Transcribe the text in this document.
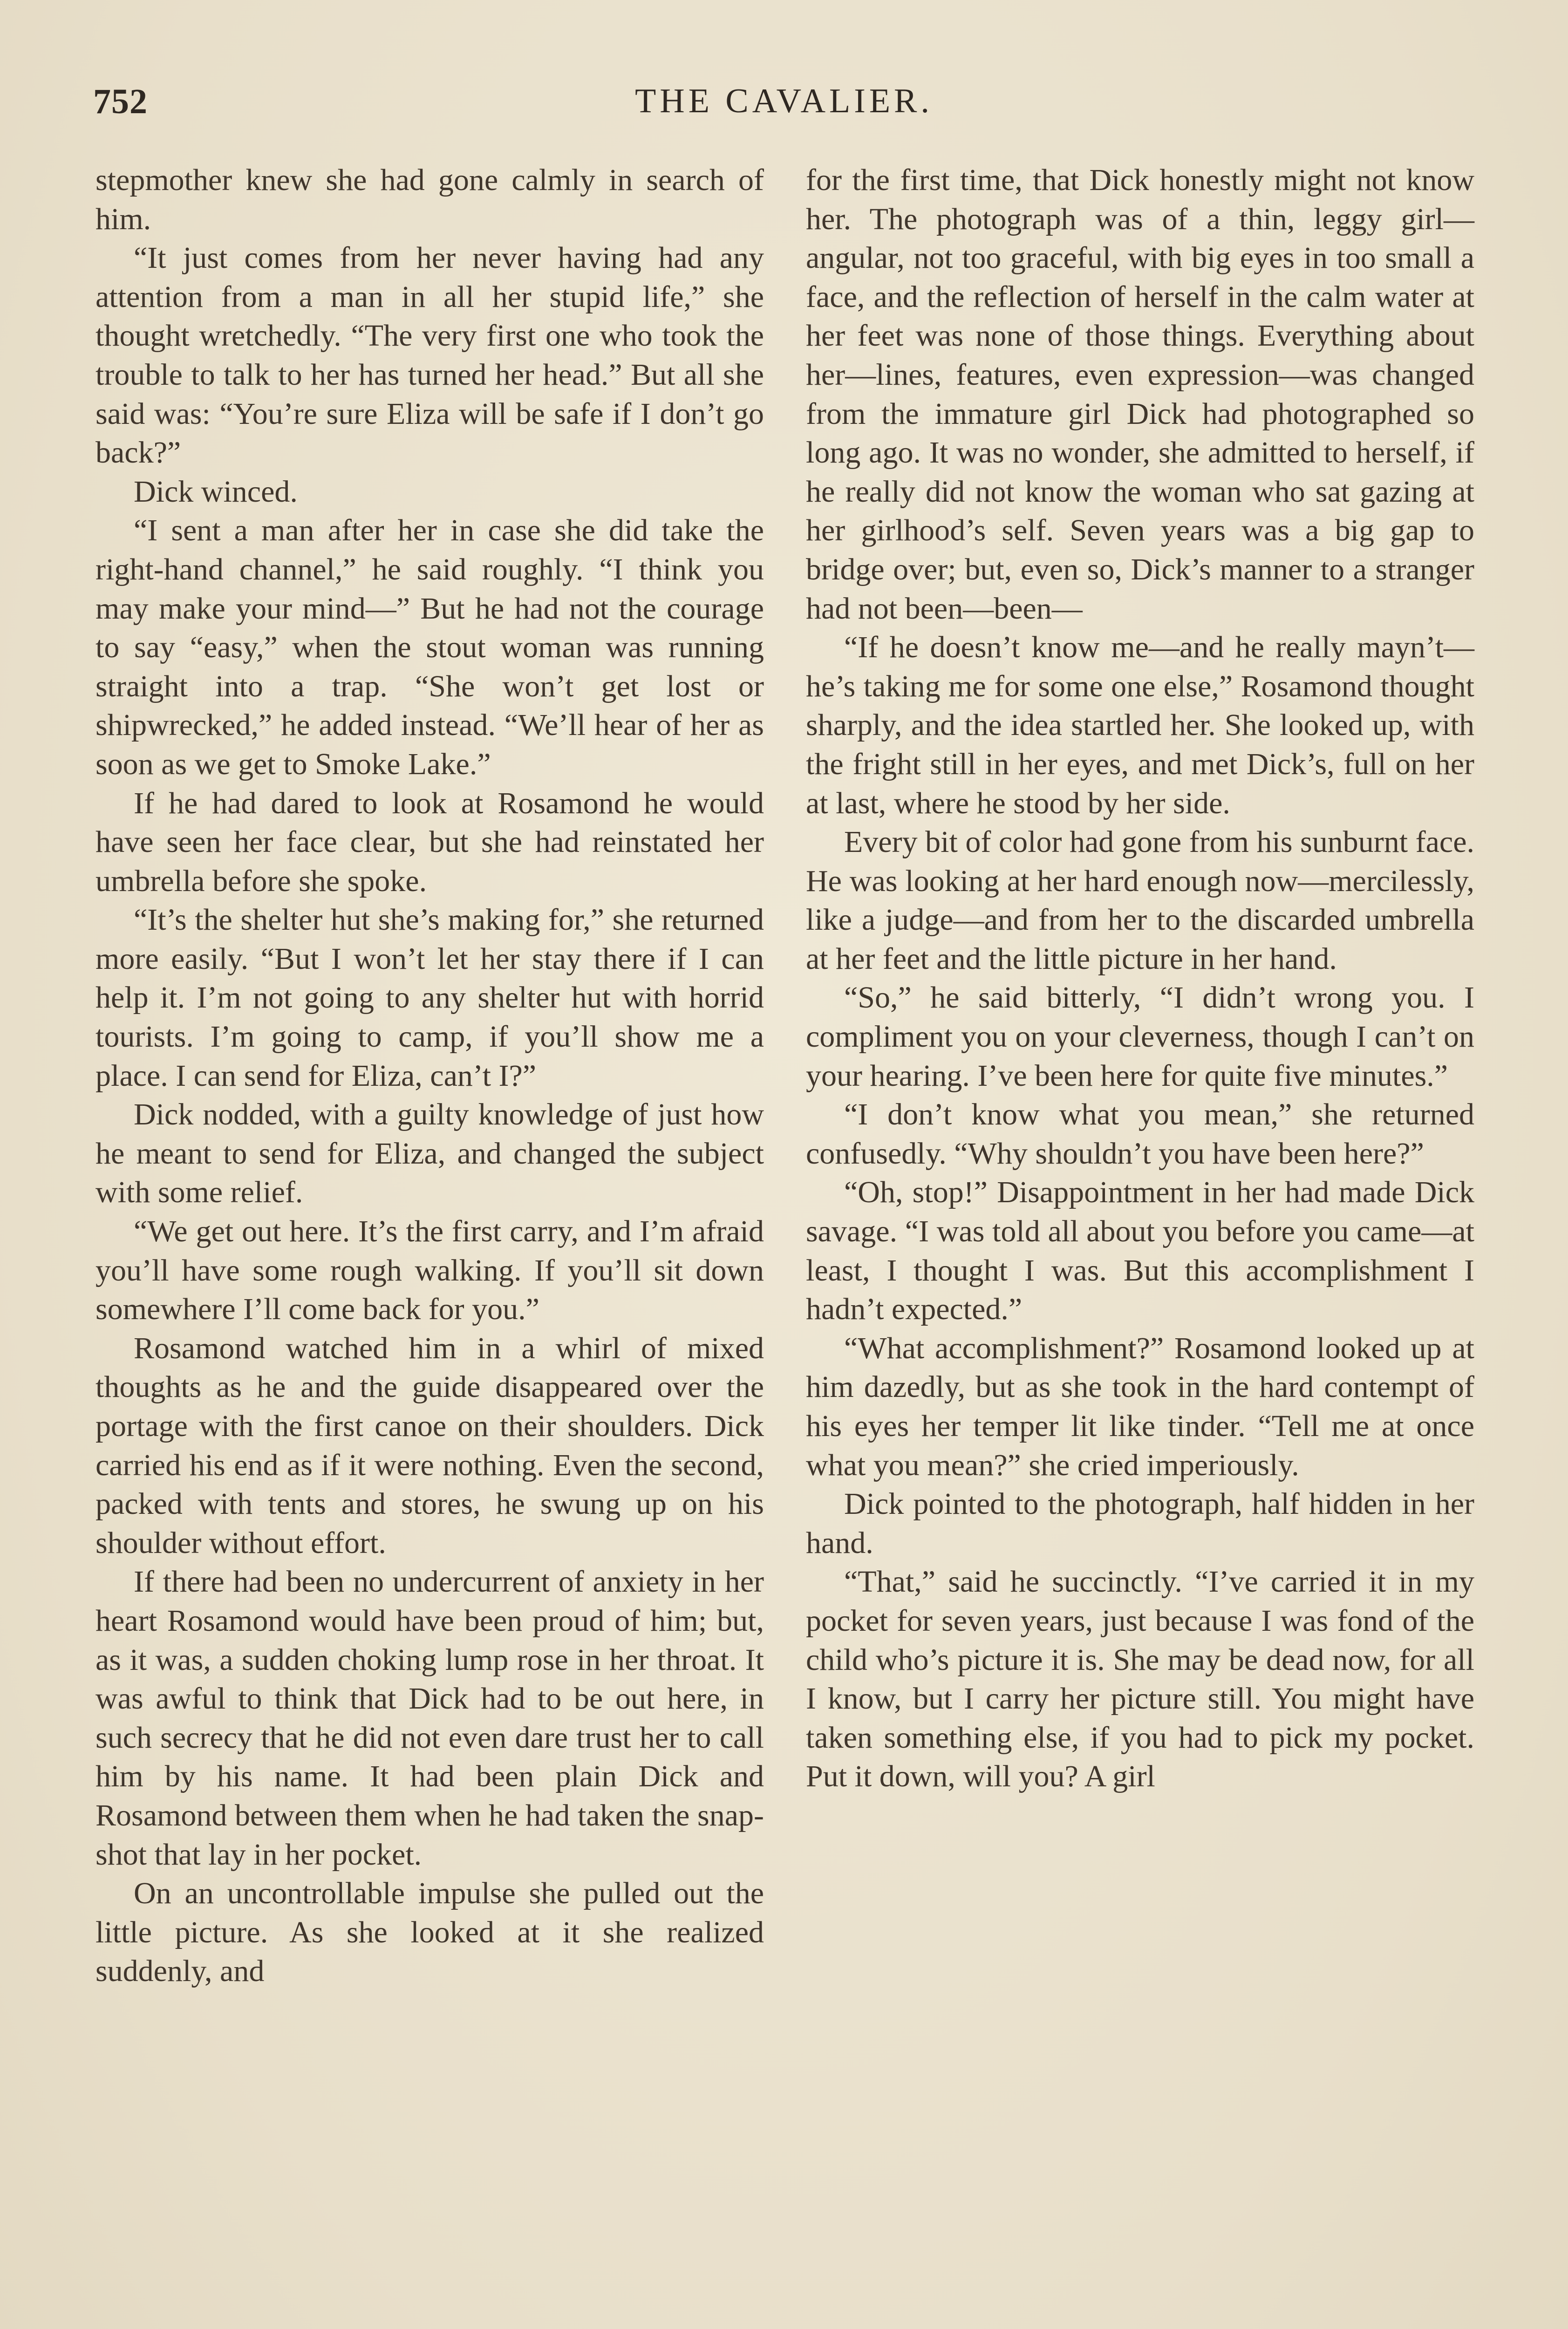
752	THE CAVALIER.

stepmother knew she had gone calmly in search of him.

“It just comes from her never having had any attention from a man in all her stupid life,” she thought wretchedly. “The very first one who took the trouble to talk to her has turned her head.” But all she said was: “You’re sure Eliza will be safe if I don’t go back?”

Dick winced.

“I sent a man after her in case she did take the right-hand channel,” he said roughly. “I think you may make your mind—” But he had not the courage to say “easy,” when the stout woman was running straight into a trap. “She won’t get lost or shipwrecked,” he added instead. “We’ll hear of her as soon as we get to Smoke Lake.”

If he had dared to look at Rosamond he would have seen her face clear, but she had reinstated her umbrella before she spoke.

“It’s the shelter hut she’s making for,” she returned more easily. “But I won’t let her stay there if I can help it. I’m not going to any shelter hut with horrid tourists. I’m going to camp, if you’ll show me a place. I can send for Eliza, can’t I?”

Dick nodded, with a guilty knowledge of just how he meant to send for Eliza, and changed the subject with some relief.

“We get out here. It’s the first carry, and I’m afraid you’ll have some rough walking. If you’ll sit down somewhere I’ll come back for you.”

Rosamond watched him in a whirl of mixed thoughts as he and the guide disappeared over the portage with the first canoe on their shoulders. Dick carried his end as if it were nothing. Even the second, packed with tents and stores, he swung up on his shoulder without effort.

If there had been no undercurrent of anxiety in her heart Rosamond would have been proud of him; but, as it was, a sudden choking lump rose in her throat. It was awful to think that Dick had to be out here, in such secrecy that he did not even dare trust her to call him by his name. It had been plain Dick and Rosamond between them when he had taken the snap-shot that lay in her pocket.

On an uncontrollable impulse she pulled out the little picture. As she looked at it she realized suddenly, and

for the first time, that Dick honestly might not know her. The photograph was of a thin, leggy girl—angular, not too graceful, with big eyes in too small a face, and the reflection of herself in the calm water at her feet was none of those things. Everything about her—lines, features, even expression—was changed from the immature girl Dick had photographed so long ago. It was no wonder, she admitted to herself, if he really did not know the woman who sat gazing at her girlhood’s self. Seven years was a big gap to bridge over; but, even so, Dick’s manner to a stranger had not been—been—

“If he doesn’t know me—and he really mayn’t—he’s taking me for some one else,” Rosamond thought sharply, and the idea startled her. She looked up, with the fright still in her eyes, and met Dick’s, full on her at last, where he stood by her side.

Every bit of color had gone from his sunburnt face. He was looking at her hard enough now—mercilessly, like a judge—and from her to the discarded umbrella at her feet and the little picture in her hand.

“So,” he said bitterly, “I didn’t wrong you. I compliment you on your cleverness, though I can’t on your hearing. I’ve been here for quite five minutes.”

“I don’t know what you mean,” she returned confusedly. “Why shouldn’t you have been here?”

“Oh, stop!” Disappointment in her had made Dick savage. “I was told all about you before you came—at least, I thought I was. But this accomplishment I hadn’t expected.”

“What accomplishment?” Rosamond looked up at him dazedly, but as she took in the hard contempt of his eyes her temper lit like tinder. “Tell me at once what you mean?” she cried imperiously.

Dick pointed to the photograph, half hidden in her hand.

“That,” said he succinctly. “I’ve carried it in my pocket for seven years, just because I was fond of the child who’s picture it is. She may be dead now, for all I know, but I carry her picture still. You might have taken something else, if you had to pick my pocket. Put it down, will you? A girl
